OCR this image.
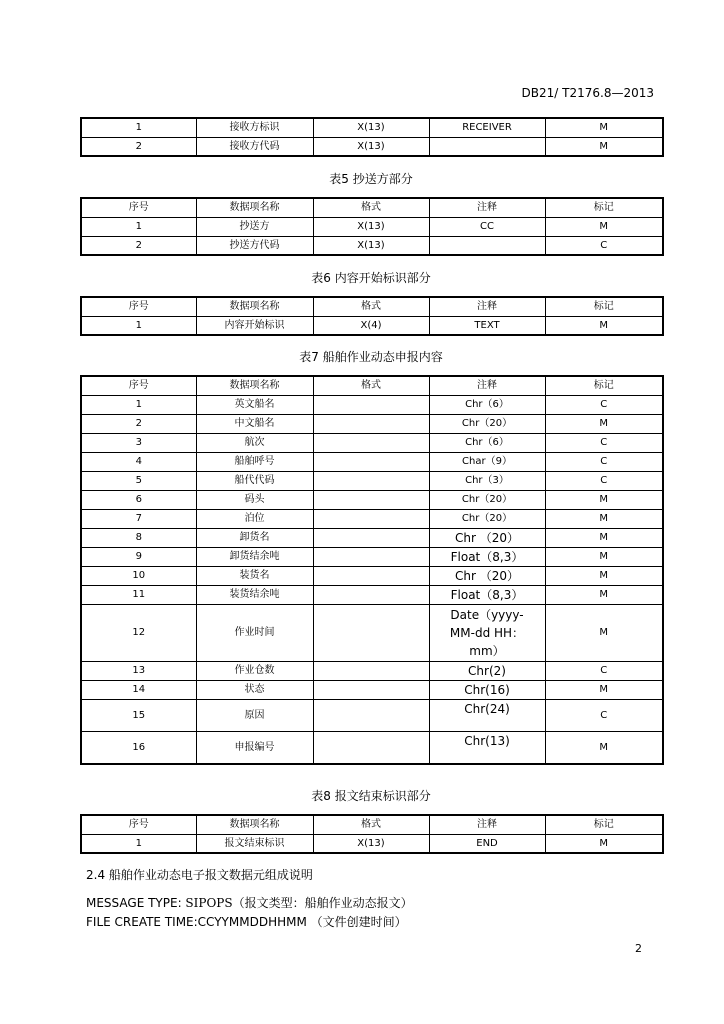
DB21/ T2176.8—2013
1	接收方标识	X(13)	RECEIVER	M
2	接收方代码	X(13)		M
表5 抄送方部分
序号	数据项名称	格式	注释	标记
1	抄送方	X(13)	CC	M
2	抄送方代码	X(13)		C
表6 内容开始标识部分
序号	数据项名称	格式	注释	标记
1	内容开始标识	X(4)	TEXT	M
表7 船舶作业动态申报内容
序号	数据项名称	格式	注释	标记
1	英文船名		Chr（6）	C
2	中文船名		Chr（20）	M
3	航次		Chr（6）	C
4	船舶呼号		Char（9）	C
5	船代代码		Chr（3）	C
6	码头		Chr（20）	M
7	泊位		Chr（20）	M
8	卸货名		Chr （20）	M
9	卸货结余吨		Float（8,3）	M
10	装货名		Chr （20）	M
11	装货结余吨		Float（8,3）	M
12	作业时间		Date（yyyy-MM-dd HH：mm）	M
13	作业仓数		Chr(2)	C
14	状态		Chr(16)	M
15	原因		Chr(24)	C
16	申报编号		Chr(13)	M
表8 报文结束标识部分
序号	数据项名称	格式	注释	标记
1	报文结束标识	X(13)	END	M
2.4 船舶作业动态电子报文数据元组成说明
MESSAGE TYPE: SIPOPS（报文类型：船舶作业动态报文）
FILE CREATE TIME:CCYYMMDDHHMM （文件创建时间）
2
